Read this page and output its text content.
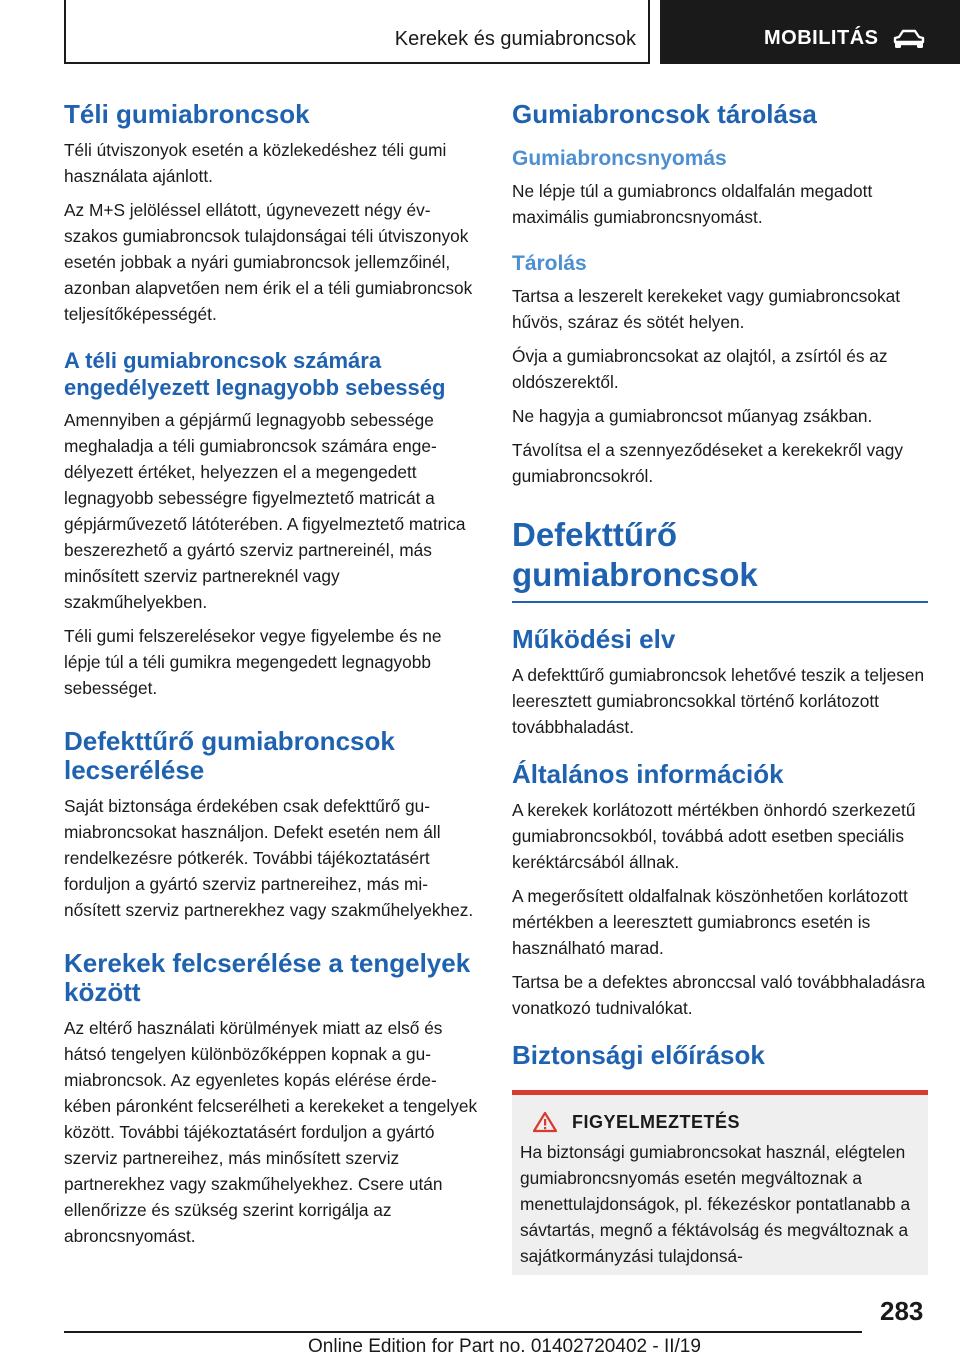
Kerekek és gumiabroncsok	MOBILITÁS
Téli gumiabroncsok

Téli útviszonyok esetén a közlekedéshez téli gumi használata ajánlott.

Az M+S jelöléssel ellátott, úgynevezett négy évszakos gumiabroncsok tulajdonságai téli útviszonyok esetén jobbak a nyári gumiabroncsok jellemzőinél, azonban alapvetően nem érik el a téli gumiabroncsok teljesítőképességét.

A téli gumiabroncsok számára engedélyezett legnagyobb sebesség

Amennyiben a gépjármű legnagyobb sebessége meghaladja a téli gumiabroncsok számára engedélyezett értéket, helyezzen el a megengedett legnagyobb sebességre figyelmeztető matricát a gépjárművezető látóterében. A figyelmeztető matrica beszerezhető a gyártó szerviz partnereinél, más minősített szerviz partnereknél vagy szakműhelyekben.

Téli gumi felszerelésekor vegye figyelembe és ne lépje túl a téli gumikra megengedett legnagyobb sebességet.

Defekttűrő gumiabroncsok lecserélése

Saját biztonsága érdekében csak defekttűrő gumiabroncsokat használjon. Defekt esetén nem áll rendelkezésre pótkerék. További tájékoztatásért forduljon a gyártó szerviz partnereihez, más minősített szerviz partnerekhez vagy szakműhelyekhez.

Kerekek felcserélése a tengelyek között

Az eltérő használati körülmények miatt az első és hátsó tengelyen különbözőképpen kopnak a gumiabroncsok. Az egyenletes kopás elérése érdekében páronként felcserélheti a kerekeket a tengelyek között. További tájékoztatásért forduljon a gyártó szerviz partnereihez, más minősített szerviz partnerekhez vagy szakműhelyekhez. Csere után ellenőrizze és szükség szerint korrigálja az abroncsnyomást.

Gumiabroncsok tárolása
Gumiabroncsnyomás

Ne lépje túl a gumiabroncs oldalfalán megadott maximális gumiabroncsnyomást.

Tárolás

Tartsa a leszerelt kerekeket vagy gumiabroncsokat hűvös, száraz és sötét helyen.

Óvja a gumiabroncsokat az olajtól, a zsírtól és az oldószerektől.

Ne hagyja a gumiabroncsot műanyag zsákban.

Távolítsa el a szennyeződéseket a kerekekről vagy gumiabroncsokról.

Defekttűrő gumiabroncsok
Működési elv

A defekttűrő gumiabroncsok lehetővé teszik a teljesen leeresztett gumiabroncsokkal történő korlátozott továbbhaladást.

Általános információk

A kerekek korlátozott mértékben önhordó szerkezetű gumiabroncsokból, továbbá adott esetben speciális keréktárcsából állnak.

A megerősített oldalfalnak köszönhetően korlátozott mértékben a leeresztett gumiabroncs esetén is használható marad.

Tartsa be a defektes abronccsal való továbbhaladásra vonatkozó tudnivalókat.

Biztonsági előírások
FIGYELMEZTETÉS

Ha biztonsági gumiabroncsokat használ, elégtelen gumiabroncsnyomás esetén megváltoznak a menettulajdonságok, pl. fékezéskor pontatlanabb a sávtartás, megnő a féktávolság és megváltoznak a sajátkormányzási tulajdonsá-

283
Online Edition for Part no. 01402720402 - II/19
